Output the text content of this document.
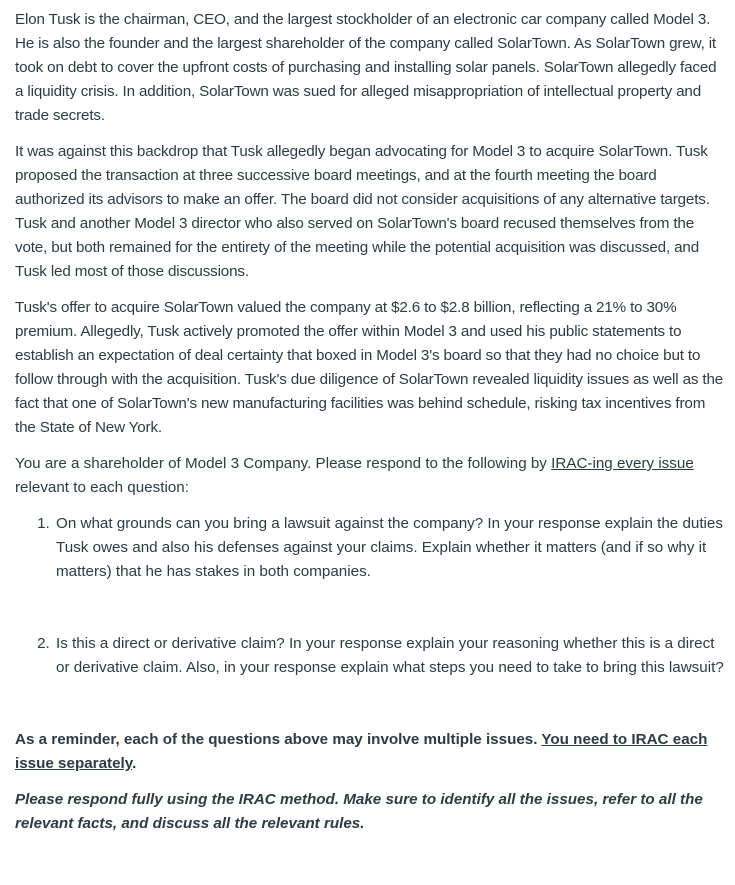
Elon Tusk is the chairman, CEO, and the largest stockholder of an electronic car company called Model 3. He is also the founder and the largest shareholder of the company called SolarTown. As SolarTown grew, it took on debt to cover the upfront costs of purchasing and installing solar panels. SolarTown allegedly faced a liquidity crisis. In addition, SolarTown was sued for alleged misappropriation of intellectual property and trade secrets.

It was against this backdrop that Tusk allegedly began advocating for Model 3 to acquire SolarTown. Tusk proposed the transaction at three successive board meetings, and at the fourth meeting the board authorized its advisors to make an offer. The board did not consider acquisitions of any alternative targets. Tusk and another Model 3 director who also served on SolarTown's board recused themselves from the vote, but both remained for the entirety of the meeting while the potential acquisition was discussed, and Tusk led most of those discussions.

Tusk's offer to acquire SolarTown valued the company at $2.6 to $2.8 billion, reflecting a 21% to 30% premium. Allegedly, Tusk actively promoted the offer within Model 3 and used his public statements to establish an expectation of deal certainty that boxed in Model 3's board so that they had no choice but to follow through with the acquisition. Tusk's due diligence of SolarTown revealed liquidity issues as well as the fact that one of SolarTown's new manufacturing facilities was behind schedule, risking tax incentives from the State of New York.

You are a shareholder of Model 3 Company. Please respond to the following by IRAC-ing every issue relevant to each question:

1. On what grounds can you bring a lawsuit against the company? In your response explain the duties Tusk owes and also his defenses against your claims. Explain whether it matters (and if so why it matters) that he has stakes in both companies.
2. Is this a direct or derivative claim? In your response explain your reasoning whether this is a direct or derivative claim. Also, in your response explain what steps you need to take to bring this lawsuit?

As a reminder, each of the questions above may involve multiple issues. You need to IRAC each issue separately.

Please respond fully using the IRAC method. Make sure to identify all the issues, refer to all the relevant facts, and discuss all the relevant rules.
